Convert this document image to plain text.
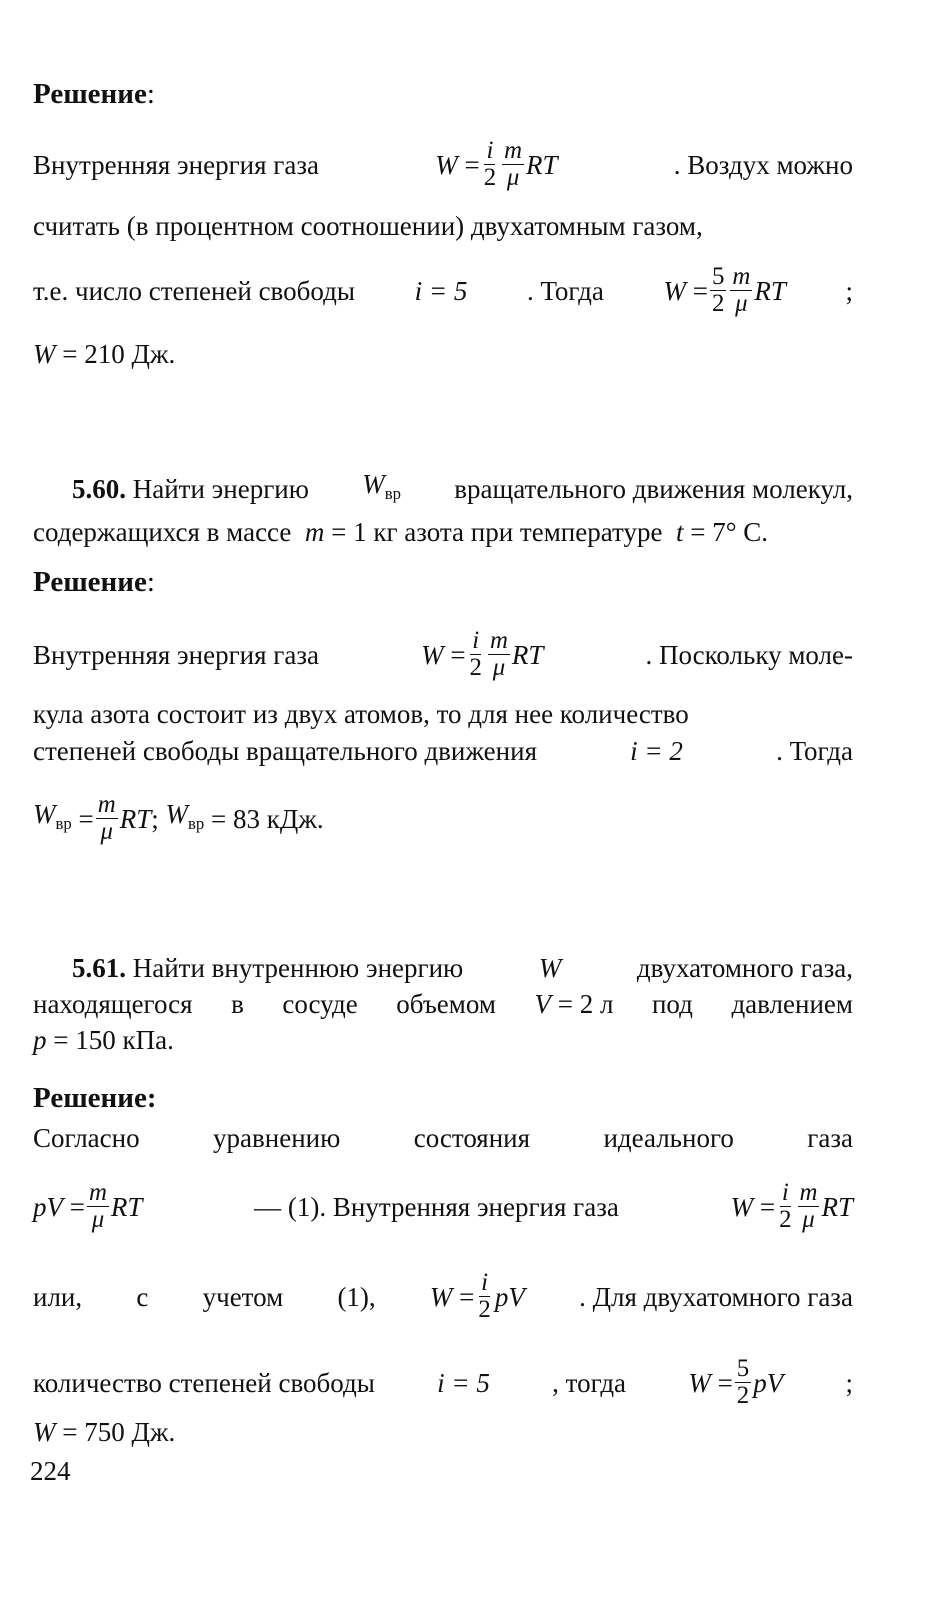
Решение:
Внутренняя энергия газа	W
= $\frac{i}{2} \frac{m}{\mu}$ RT	. Воздух можно
считать (в процентном соотношении) двухатомным газом,
т.е. число степеней свободы i = 5 . Тогда W
= $\frac{5}{2} \frac{m}{\mu}$ RT ;
W = 210 Дж.
5.60. Найти энергию $W_{вр}$ вращательного движения молекул,
содержащихся в массе m = 1 кг азота при температуре t = 7° C.
Решение:
Внутренняя энергия газа	W
= $\frac{i}{2} \frac{m}{\mu}$ RT	. Поскольку моле-
кула азота состоит из двух атомов, то для нее количество
степеней свободы вращательного движения	i = 2	. Тогда
$W_{вр}$
= $\frac{m}{\mu}$ RT ; $W_{вр}$
= 83 кДж.
5.61. Найти внутреннюю энергию	W	двухатомного газа,
находящегося в сосуде объемом V = 2 л под давлением
p = 150 кПа.
Решение:
Согласно	уравнению	состояния	идеального	газа
pV
= $\frac{m}{\mu}$ RT	— (1). Внутренняя энергия газа	W
= $\frac{i}{2} \frac{m}{\mu}$ RT
или, с учетом (1), W
= $\frac{i}{2}$ pV . Для двухатомного газа
количество степеней свободы i = 5 , тогда W
= $\frac{5}{2}$ pV ;
W = 750 Дж.
224
